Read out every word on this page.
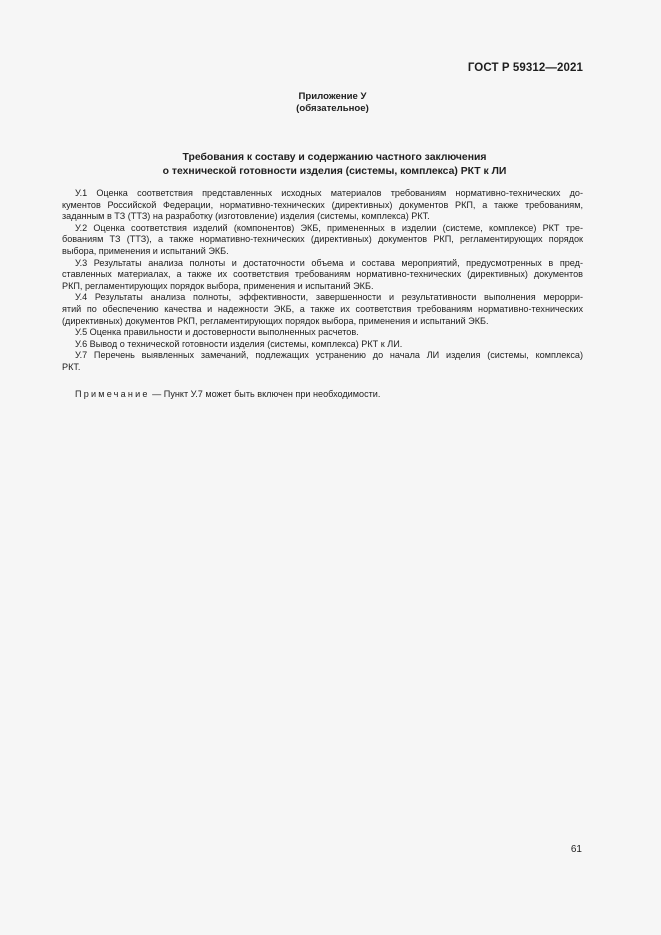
ГОСТ Р 59312—2021
Приложение У
(обязательное)
Требования к составу и содержанию частного заключения
о технической готовности изделия (системы, комплекса) РКТ к ЛИ
У.1 Оценка соответствия представленных исходных материалов требованиям нормативно-технических до-
кументов Российской Федерации, нормативно-технических (директивных) документов РКП, а также требованиям,
заданным в ТЗ (ТТЗ) на разработку (изготовление) изделия (системы, комплекса) РКТ.
У.2 Оценка соответствия изделий (компонентов) ЭКБ, примененных в изделии (системе, комплексе) РКТ тре-
бованиям ТЗ (ТТЗ), а также нормативно-технических (директивных) документов РКП, регламентирующих порядок
выбора, применения и испытаний ЭКБ.
У.3 Результаты анализа полноты и достаточности объема и состава мероприятий, предусмотренных в пред-
ставленных материалах, а также их соответствия требованиям нормативно-технических (директивных) документов
РКП, регламентирующих порядок выбора, применения и испытаний ЭКБ.
У.4 Результаты анализа полноты, эффективности, завершенности и результативности выполнения мероpри-
ятий по обеспечению качества и надежности ЭКБ, а также их соответствия требованиям нормативно-технических
(директивных) документов РКП, регламентирующих порядок выбора, применения и испытаний ЭКБ.
У.5 Оценка правильности и достоверности выполненных расчетов.
У.6 Вывод о технической готовности изделия (системы, комплекса) РКТ к ЛИ.
У.7 Перечень выявленных замечаний, подлежащих устранению до начала ЛИ изделия (системы, комплекса)
РКТ.
Примечание — Пункт У.7 может быть включен при необходимости.
61
